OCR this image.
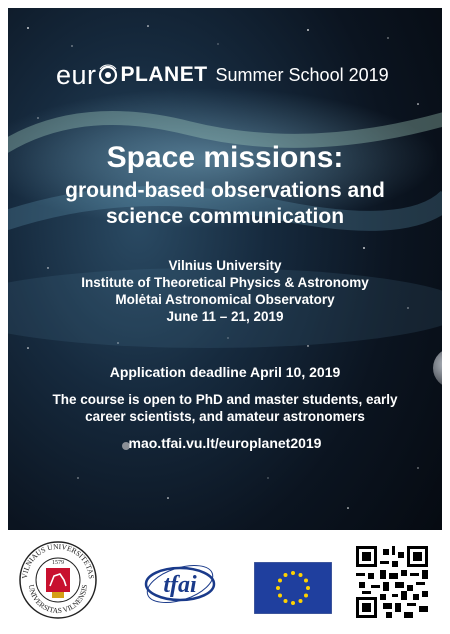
eur PLANET Summer School 2019
Space missions:
ground-based observations and
science communication
Vilnius University
Institute of Theoretical Physics & Astronomy
Molėtai Astronomical Observatory
June 11 – 21, 2019
Application deadline April 10, 2019
The course is open to PhD and master students, early
career scientists, and amateur astronomers
mao.tfai.vu.lt/europlanet2019
VILNIAUS UNIVERSITETAS
UNIVERSITAS VILNENSIS
1579
tfai
